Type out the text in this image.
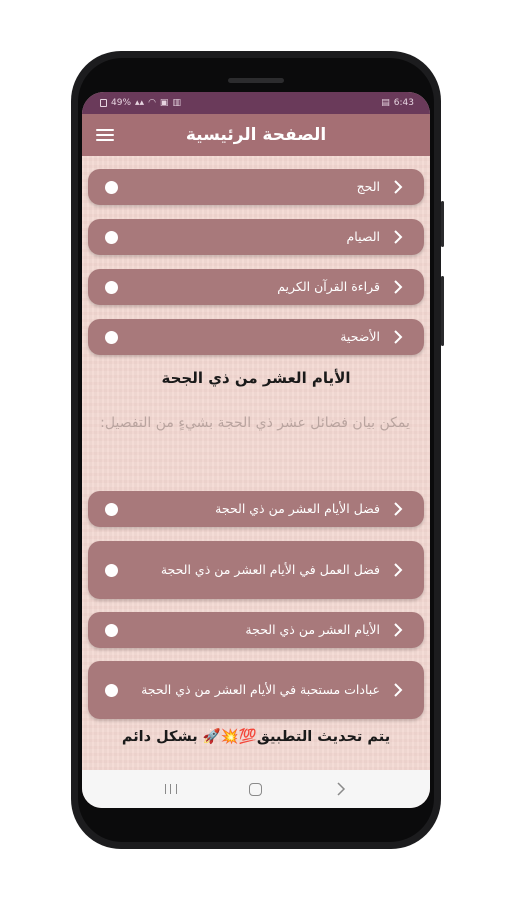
49% ▴▴ ◠ ▣ ▥	▤ 6:43
الصفحة الرئيسية
الحج
الصيام
قراءة القرآن الكريم
الأضحية
الأيام العشر من ذي الجحة
يمكن بيان فضائل عشر ذي الحجة بشيءٍ من التفصيل:
فضل الأيام العشر من ذي الحجة
فضل العمل في الأيام العشر من ذي الحجة
الأيام العشر من ذي الحجة
عبادات مستحبة في الأيام العشر من ذي الحجة
يتم تحديث التطبيق💯💥🚀 بشكل دائم
